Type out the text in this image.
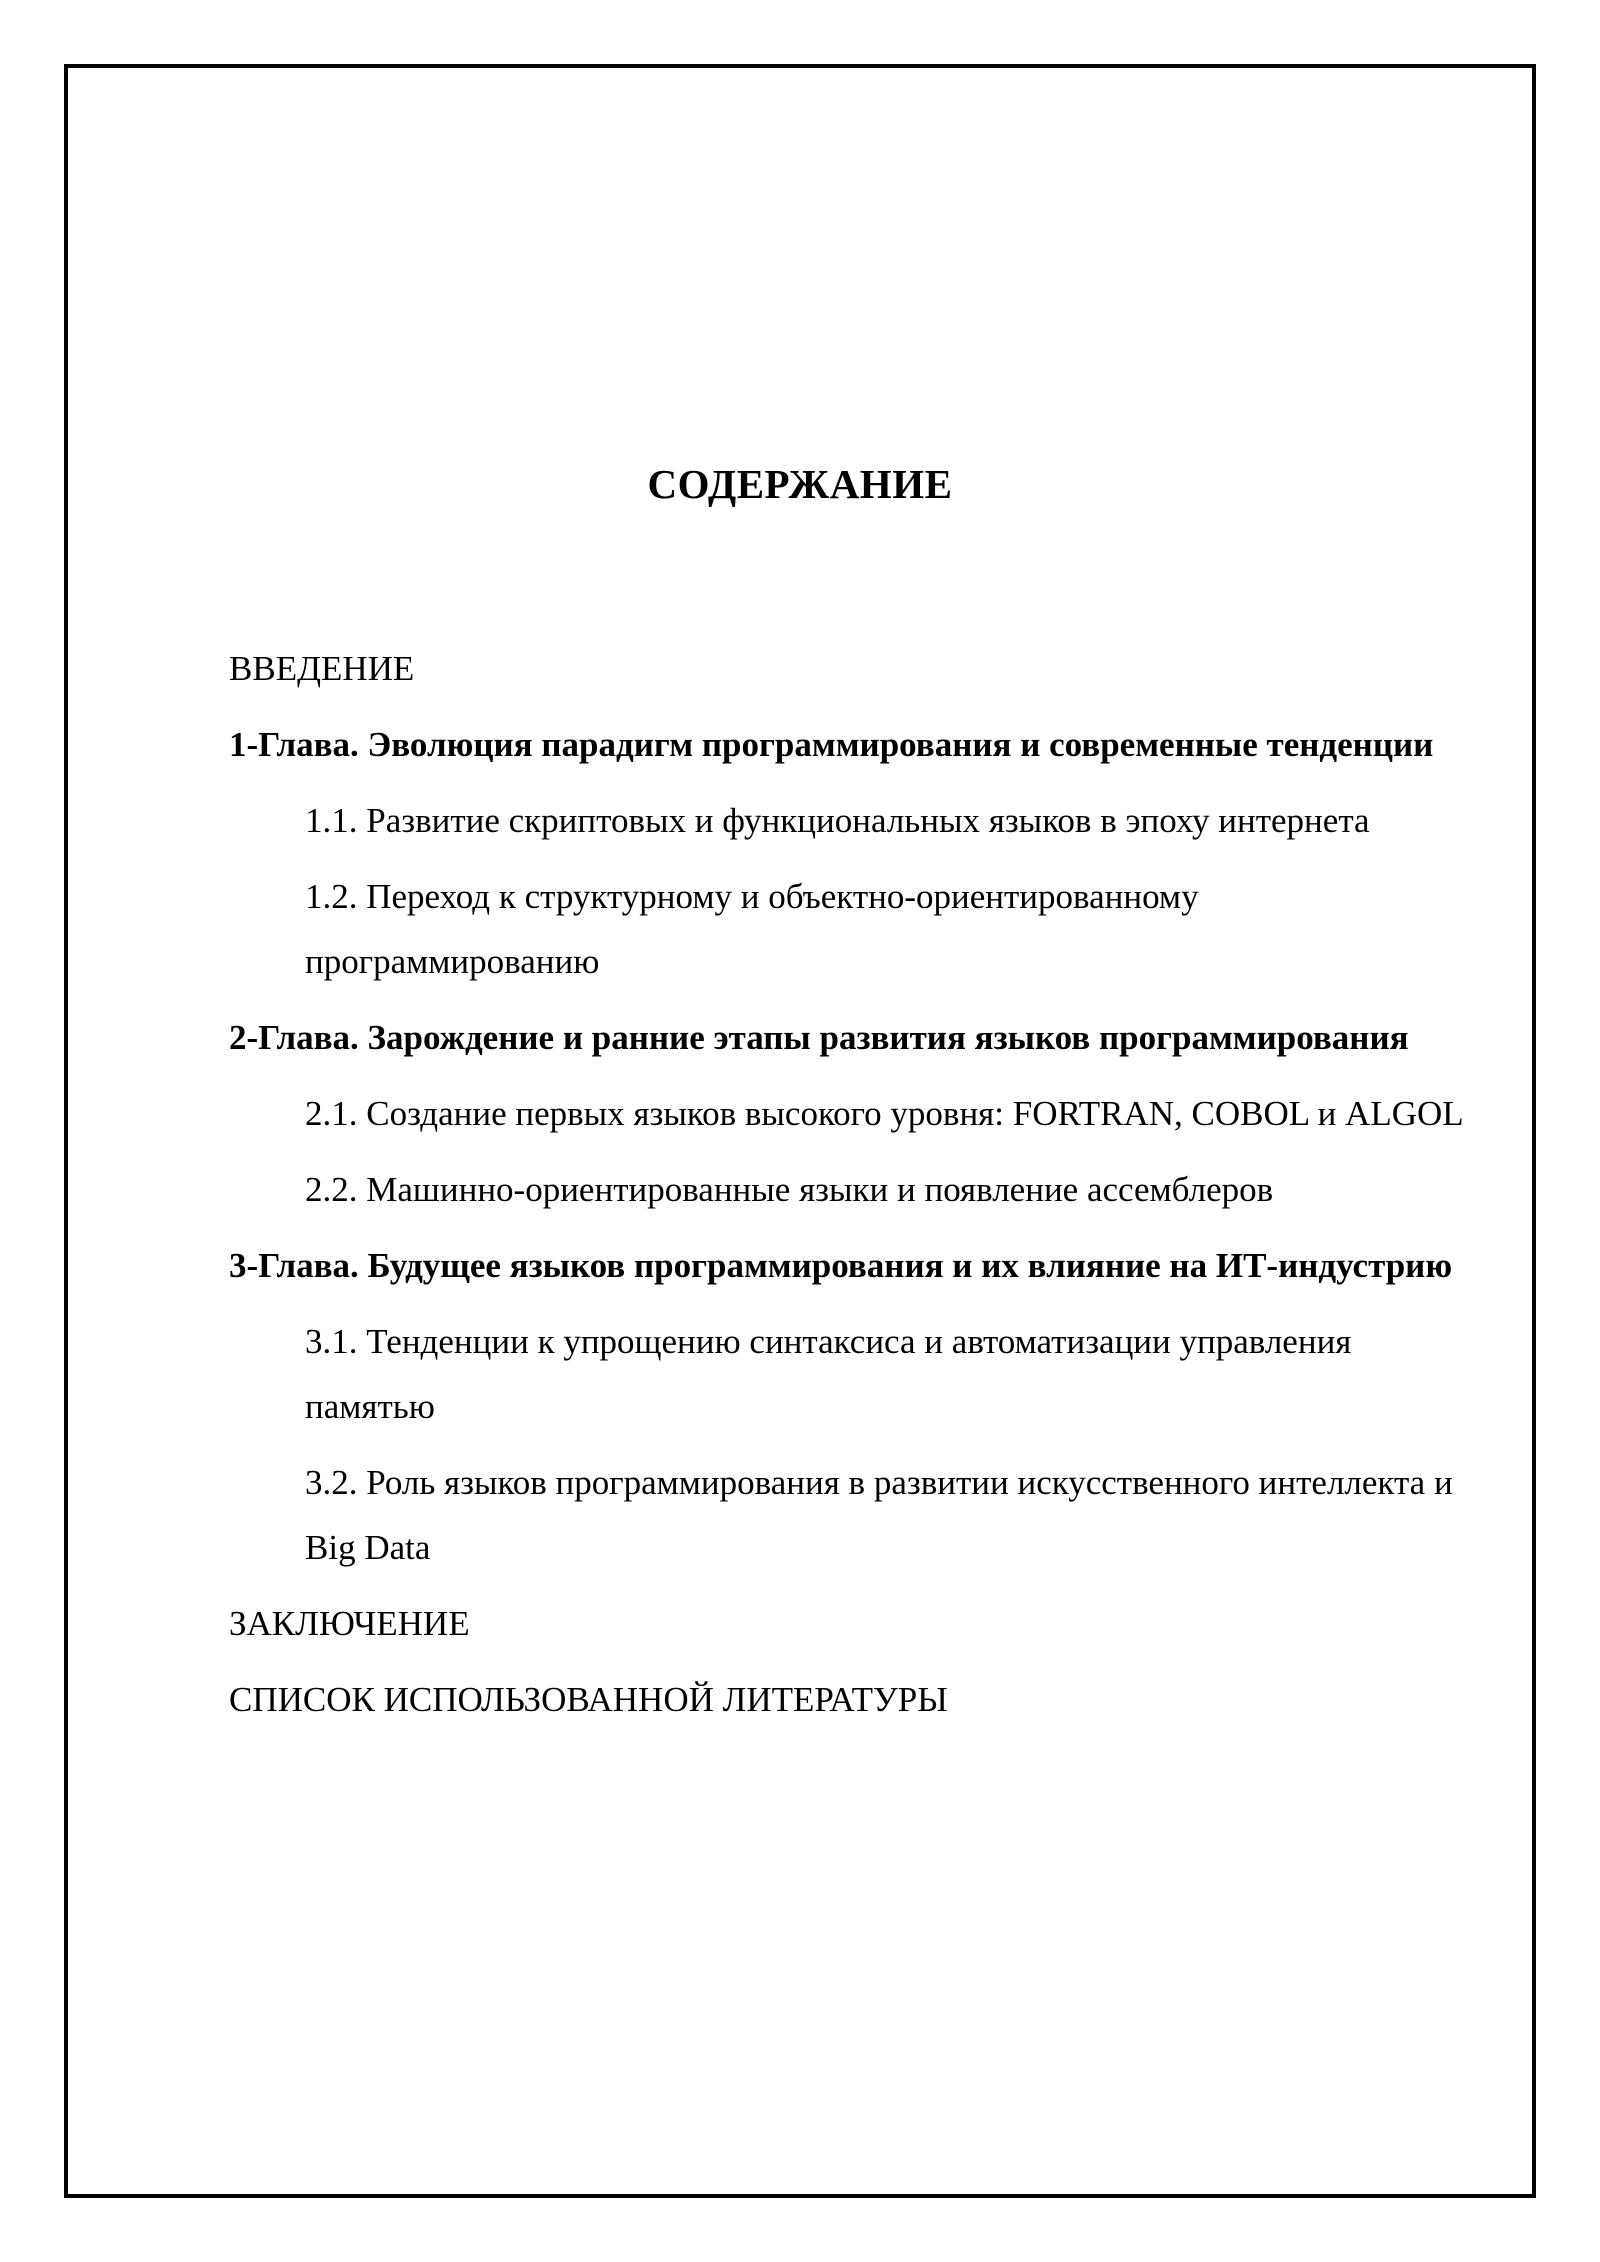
СОДЕРЖАНИЕ
ВВЕДЕНИЕ
1-Глава. Эволюция парадигм программирования и современные тенденции
1.1. Развитие скриптовых и функциональных языков в эпоху интернета
1.2. Переход к структурному и объектно-ориентированному программированию
2-Глава. Зарождение и ранние этапы развития языков программирования
2.1. Создание первых языков высокого уровня: FORTRAN, COBOL и ALGOL
2.2. Машинно-ориентированные языки и появление ассемблеров
3-Глава. Будущее языков программирования и их влияние на ИТ-индустрию
3.1. Тенденции к упрощению синтаксиса и автоматизации управления памятью
3.2. Роль языков программирования в развитии искусственного интеллекта и Big Data
ЗАКЛЮЧЕНИЕ
СПИСОК ИСПОЛЬЗОВАННОЙ ЛИТЕРАТУРЫ
